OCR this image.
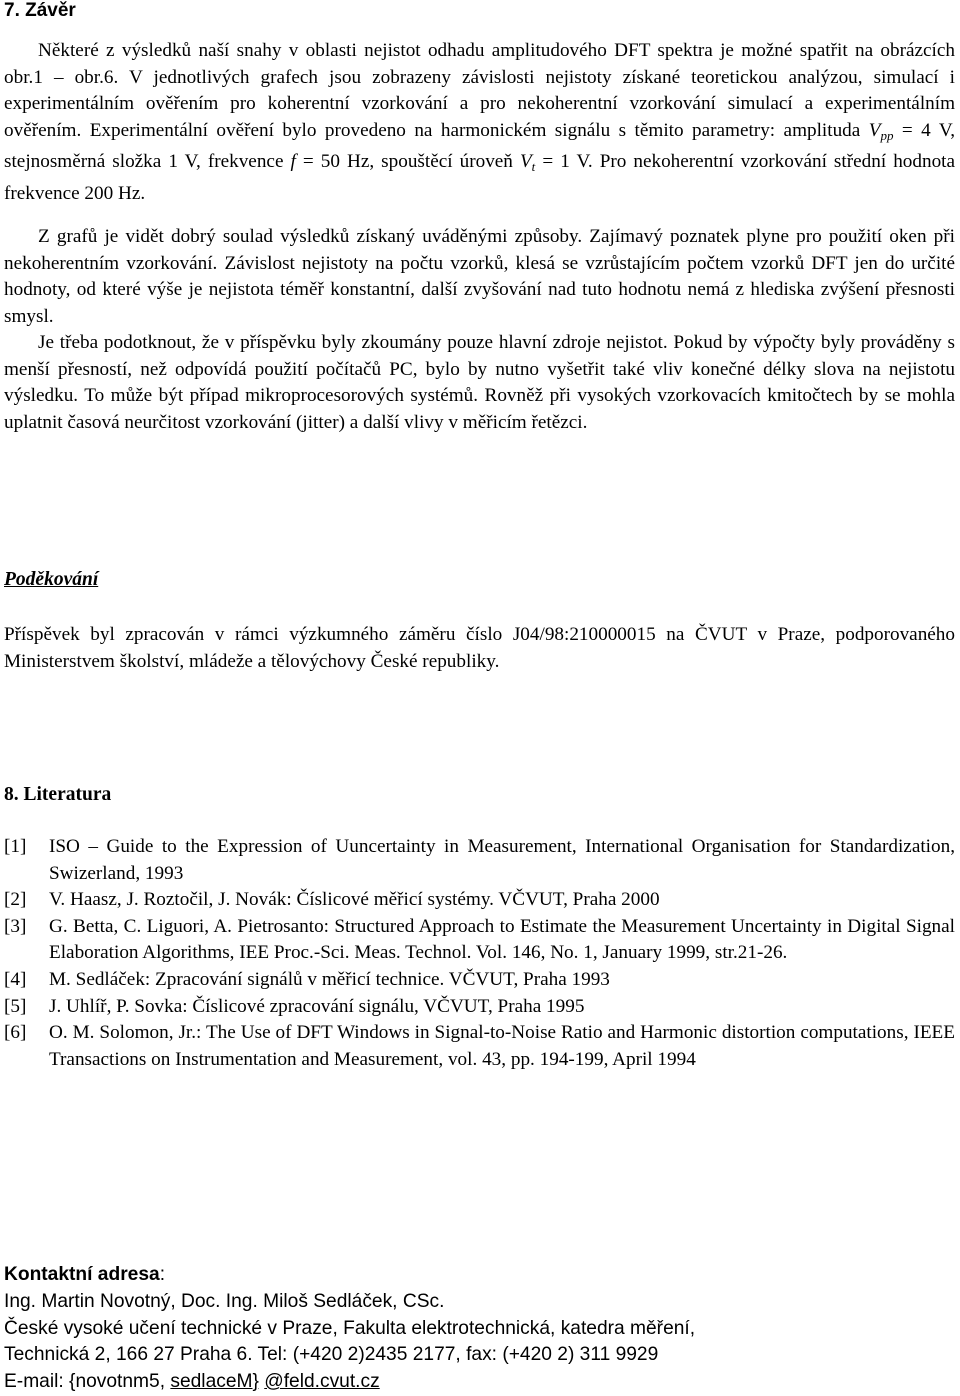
7. Závěr

Některé z výsledků naší snahy v oblasti nejistot odhadu amplitudového DFT spektra je možné spatřit na obrázcích obr.1 – obr.6. V jednotlivých grafech jsou zobrazeny závislosti nejistoty získané teoretickou analýzou, simulací i experimentálním ověřením pro koherentní vzorkování a pro nekoherentní vzorkování simulací a experimentálním ověřením. Experimentální ověření bylo provedeno na harmonickém signálu s těmito parametry: amplituda $V_{pp} = 4$ V, stejnosměrná složka 1 V, frekvence f = 50 Hz, spouštěcí úroveň $V_t = 1$ V. Pro nekoherentní vzorkování střední hodnota frekvence 200 Hz.

Z grafů je vidět dobrý soulad výsledků získaný uváděnými způsoby. Zajímavý poznatek plyne pro použití oken při nekoherentním vzorkování. Závislost nejistoty na počtu vzorků, klesá se vzrůstajícím počtem vzorků DFT jen do určité hodnoty, od které výše je nejistota téměř konstantní, další zvyšování nad tuto hodnotu nemá z hlediska zvýšení přesnosti smysl.

Je třeba podotknout, že v příspěvku byly zkoumány pouze hlavní zdroje nejistot. Pokud by výpočty byly prováděny s menší přesností, než odpovídá použití počítačů PC, bylo by nutno vyšetřit také vliv konečné délky slova na nejistotu výsledku. To může být případ mikroprocesorových systémů. Rovněž při vysokých vzorkovacích kmitočtech by se mohla uplatnit časová neurčitost vzorkování (jitter) a další vlivy v měřicím řetězci.

Poděkování

Příspěvek byl zpracován v rámci výzkumného záměru číslo J04/98:210000015 na ČVUT v Praze, podporovaného Ministerstvem školství, mládeže a tělovýchovy České republiky.

8. Literatura
[1]	ISO – Guide to the Expression of Uuncertainty in Measurement, International Organisation for Standardization, Swizerland, 1993
[2]	V. Haasz, J. Roztočil, J. Novák: Číslicové měřicí systémy. VČVUT, Praha 2000
[3]	G. Betta, C. Liguori, A. Pietrosanto: Structured Approach to Estimate the Measurement Uncertainty in Digital Signal Elaboration Algorithms, IEE Proc.-Sci. Meas. Technol. Vol. 146, No. 1, January 1999, str.21-26.
[4]	M. Sedláček: Zpracování signálů v měřicí technice. VČVUT, Praha 1993
[5]	J. Uhlíř, P. Sovka: Číslicové zpracování signálu, VČVUT, Praha 1995
[6]	O. M. Solomon, Jr.: The Use of DFT Windows in Signal-to-Noise Ratio and Harmonic distortion computations, IEEE Transactions on Instrumentation and Measurement, vol. 43, pp. 194-199, April 1994
Kontaktní adresa:
Ing. Martin Novotný, Doc. Ing. Miloš Sedláček, CSc.
České vysoké učení technické v Praze, Fakulta elektrotechnická, katedra měření,
Technická 2, 166 27 Praha 6. Tel: (+420 2)2435 2177, fax: (+420 2) 311 9929
E-mail: {novotnm5, sedlaceM} @feld.cvut.cz
